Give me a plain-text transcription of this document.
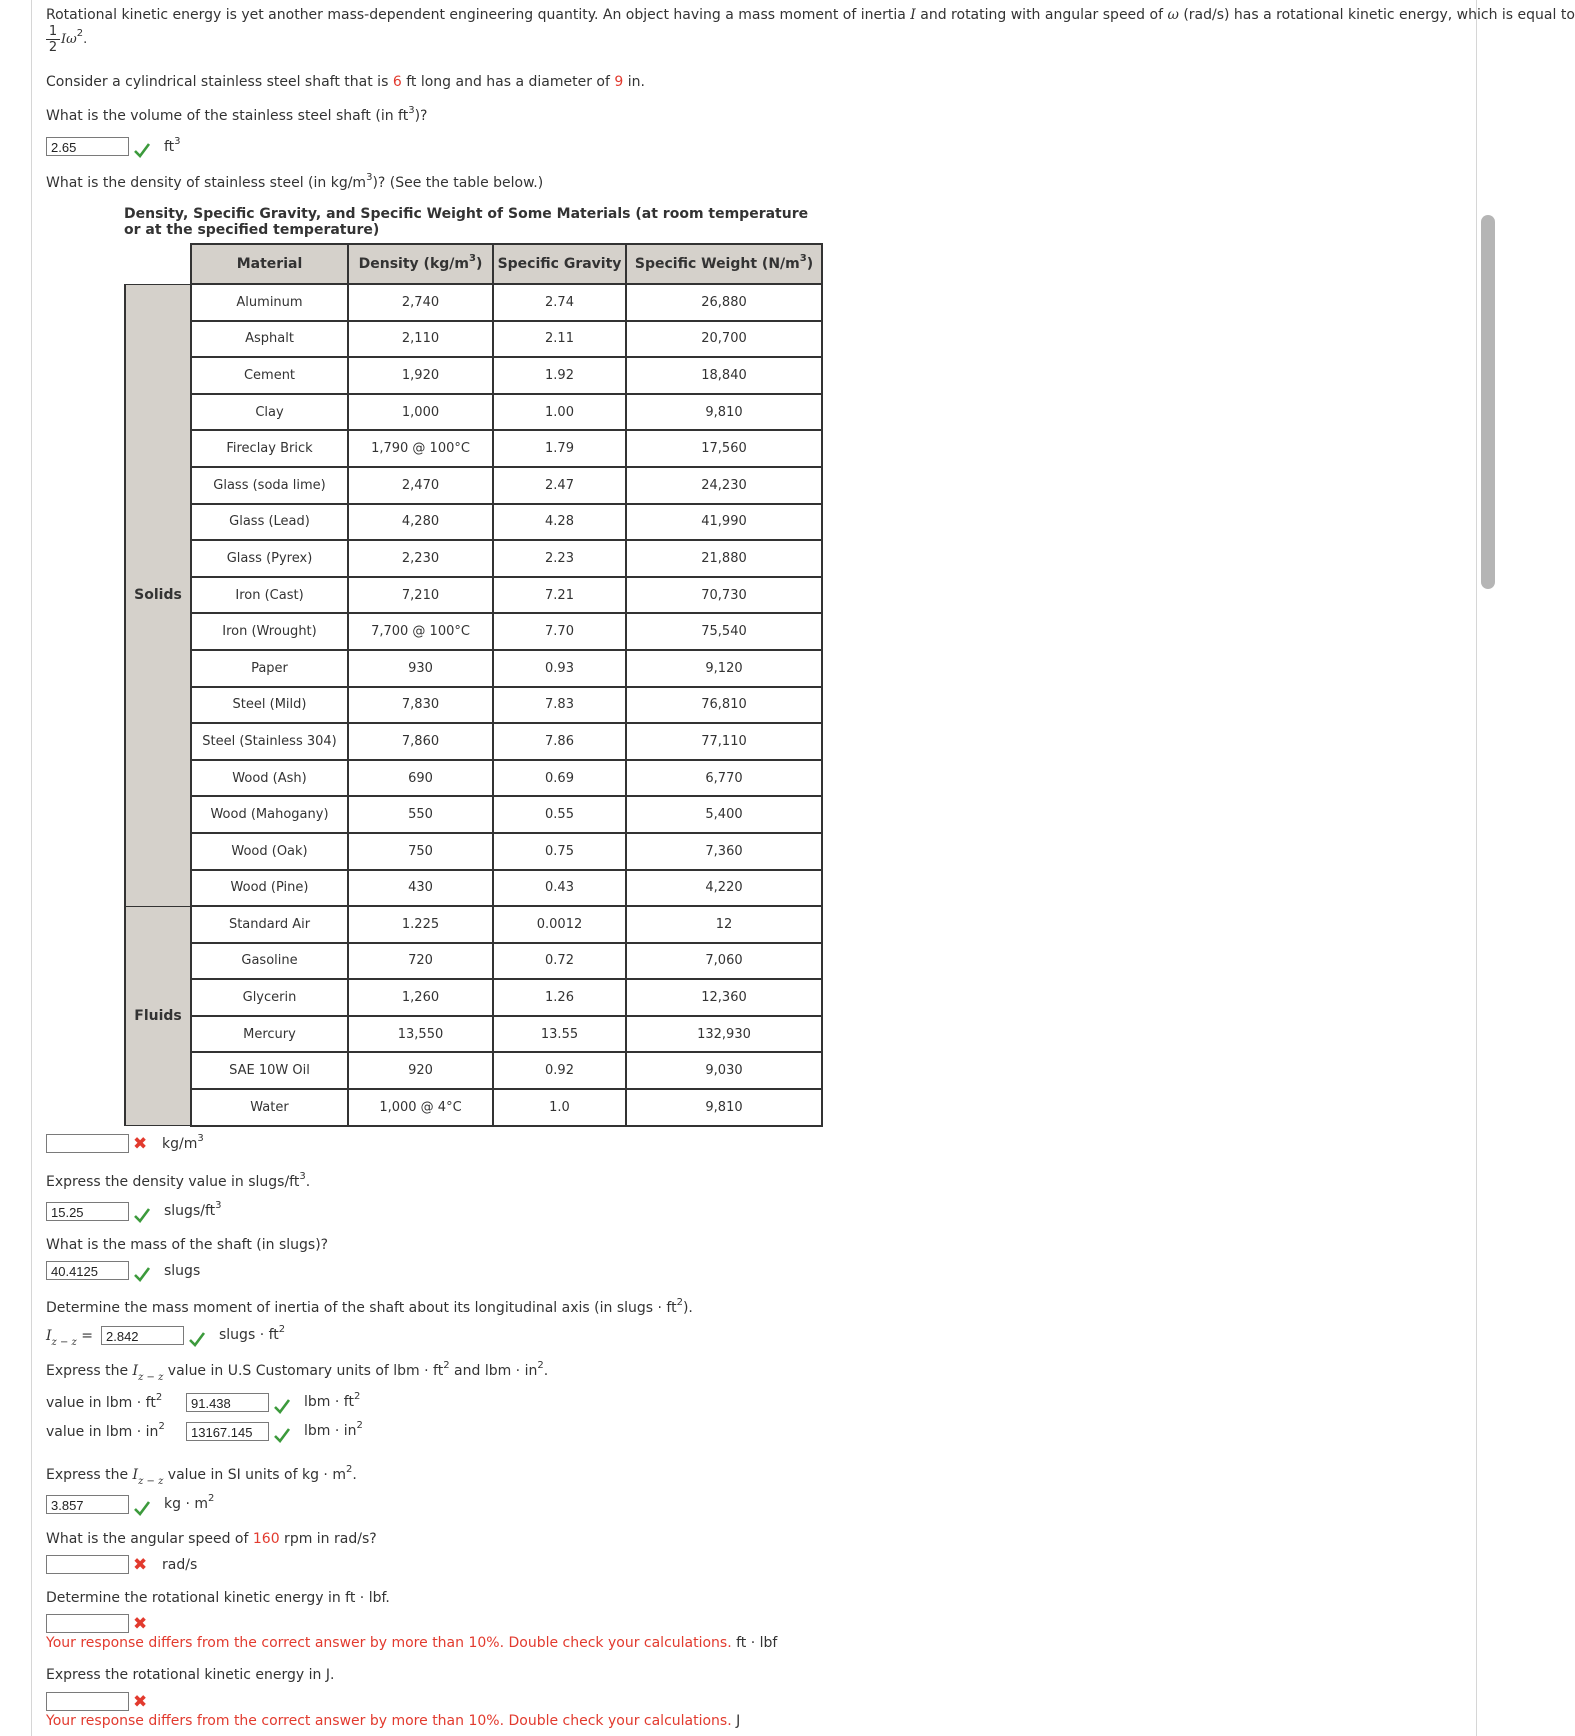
Rotational kinetic energy is yet another mass-dependent engineering quantity. An object having a mass moment of inertia I and rotating with angular speed of ω (rad/s) has a rotational kinetic energy, which is equal to
$\frac{1}{2} I\omega^2$.
Consider a cylindrical stainless steel shaft that is 6 ft long and has a diameter of 9 in.
What is the volume of the stainless steel shaft (in $ft^3$)?
2.65	$ft^3$
What is the density of stainless steel (in $kg/m^3$)? (See the table below.)
Density, Specific Gravity, and Specific Weight of Some Materials (at room temperature or at the specified temperature)
	Material	Density $(kg/m^3)$	Specific Gravity	Specific Weight $(N/m^3)$
Solids	Aluminum	2,740	2.74	26,880
	Asphalt	2,110	2.11	20,700
	Cement	1,920	1.92	18,840
	Clay	1,000	1.00	9,810
	Fireclay Brick	1,790 @ 100°C	1.79	17,560
	Glass (soda lime)	2,470	2.47	24,230
	Glass (Lead)	4,280	4.28	41,990
	Glass (Pyrex)	2,230	2.23	21,880
	Iron (Cast)	7,210	7.21	70,730
	Iron (Wrought)	7,700 @ 100°C	7.70	75,540
	Paper	930	0.93	9,120
	Steel (Mild)	7,830	7.83	76,810
	Steel (Stainless 304)	7,860	7.86	77,110
	Wood (Ash)	690	0.69	6,770
	Wood (Mahogany)	550	0.55	5,400
	Wood (Oak)	750	0.75	7,360
	Wood (Pine)	430	0.43	4,220
Fluids	Standard Air	1.225	0.0012	12
	Gasoline	720	0.72	7,060
	Glycerin	1,260	1.26	12,360
	Mercury	13,550	13.55	132,930
	SAE 10W Oil	920	0.92	9,030
	Water	1,000 @ 4°C	1.0	9,810
✖ $kg/m^3$
Express the density value in slugs/$ft^3$.
15.25	slugs/$ft^3$
What is the mass of the shaft (in slugs)?
40.4125	slugs
Determine the mass moment of inertia of the shaft about its longitudinal axis (in slugs · $ft^2$).
$I_{z - z}$ =	2.842	slugs · $ft^2$
Express the $I_{z - z}$ value in U.S Customary units of lbm · $ft^2$ and lbm · $in^2$.
value in lbm · $ft^2$	91.438	lbm · $ft^2$
value in lbm · $in^2$	13167.145	lbm · $in^2$
Express the $I_{z - z}$ value in SI units of kg · $m^2$.
3.857	kg · $m^2$
What is the angular speed of 160 rpm in rad/s?
✖ rad/s
Determine the rotational kinetic energy in ft · lbf.
✖
Your response differs from the correct answer by more than 10%. Double check your calculations. ft · lbf
Express the rotational kinetic energy in J.
✖
Your response differs from the correct answer by more than 10%. Double check your calculations. J
